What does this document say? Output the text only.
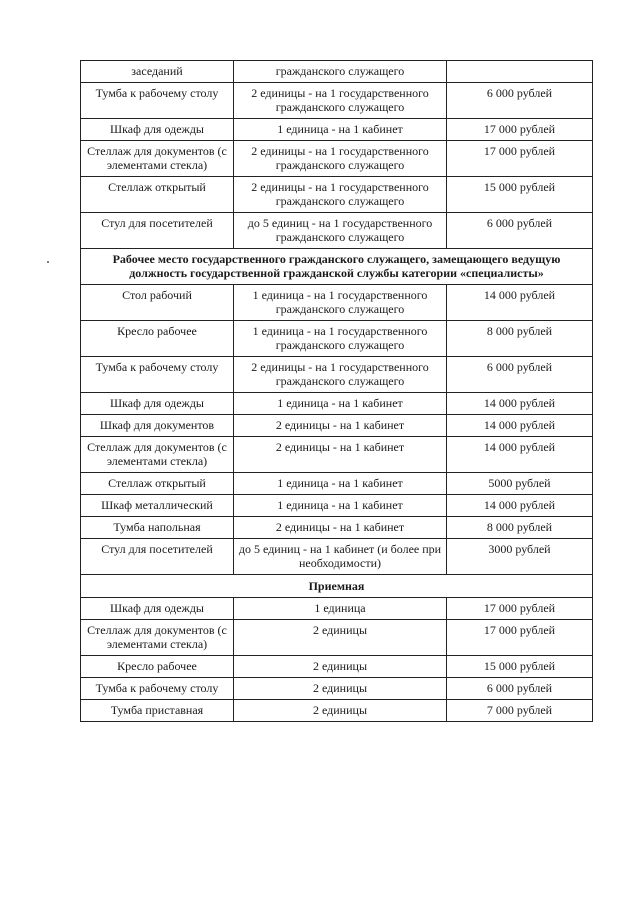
заседаний	гражданского служащего	

Тумба к рабочему столу	2 единицы - на 1 государственного гражданского служащего	6 000 рублей

Шкаф для одежды	1 единица - на 1 кабинет	17 000 рублей

Стеллаж для документов (с элементами стекла)	2 единицы - на 1 государственного гражданского служащего	17 000 рублей

Стеллаж открытый	2 единицы - на 1 государственного гражданского служащего	15 000 рублей

Стул для посетителей	до 5 единиц - на 1 государственного гражданского служащего	6 000 рублей

Рабочее место государственного гражданского служащего, замещающего ведущую должность государственной гражданской службы категории «специалисты»		

Стол рабочий	1 единица - на 1 государственного гражданского служащего	14 000 рублей

Кресло рабочее	1 единица - на 1 государственного гражданского служащего	8 000 рублей

Тумба к рабочему столу	2 единицы - на 1 государственного гражданского служащего	6 000 рублей

Шкаф для одежды	1 единица - на 1 кабинет	14 000 рублей

Шкаф для документов	2 единицы - на 1 кабинет	14 000 рублей

Стеллаж для документов (с элементами стекла)	2 единицы - на 1 кабинет	14 000 рублей

Стеллаж открытый	1 единица - на 1 кабинет	5000 рублей

Шкаф металлический	1 единица - на 1 кабинет	14 000 рублей

Тумба напольная	2 единицы - на 1 кабинет	8 000 рублей

Стул для посетителей	до 5 единиц - на 1 кабинет (и более при необходимости)	3000 рублей

Приемная		

Шкаф для одежды	1 единица	17 000 рублей

Стеллаж для документов (с элементами стекла)	2 единицы	17 000 рублей

Кресло рабочее	2 единицы	15 000 рублей

Тумба к рабочему столу	2 единицы	6 000 рублей

Тумба приставная	2 единицы	7 000 рублей
